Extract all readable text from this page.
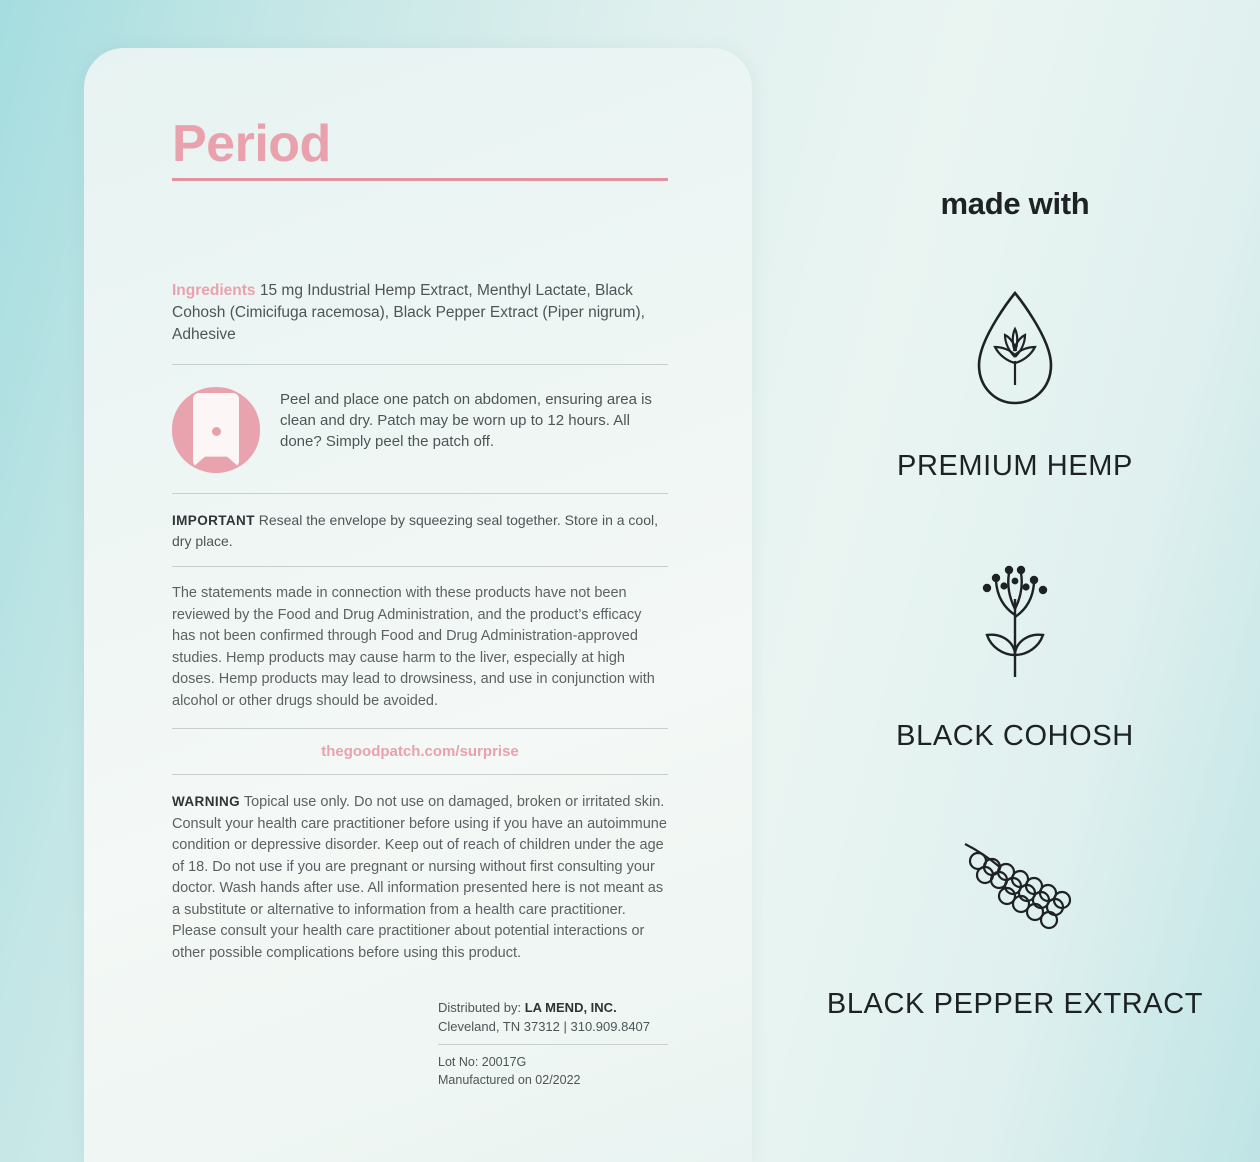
Period
Ingredients 15 mg Industrial Hemp Extract, Menthyl Lactate, Black Cohosh (Cimicifuga racemosa), Black Pepper Extract (Piper nigrum), Adhesive
Peel and place one patch on abdomen, ensuring area is clean and dry. Patch may be worn up to 12 hours. All done? Simply peel the patch off.
IMPORTANT Reseal the envelope by squeezing seal together. Store in a cool, dry place.
The statements made in connection with these products have not been reviewed by the Food and Drug Administration, and the product’s efficacy has not been confirmed through Food and Drug Administration-approved studies. Hemp products may cause harm to the liver, especially at high doses. Hemp products may lead to drowsiness, and use in conjunction with alcohol or other drugs should be avoided.
thegoodpatch.com/surprise
WARNING Topical use only. Do not use on damaged, broken or irritated skin. Consult your health care practitioner before using if you have an autoimmune condition or depressive disorder. Keep out of reach of children under the age of 18. Do not use if you are pregnant or nursing without first consulting your doctor. Wash hands after use. All information presented here is not meant as a substitute or alternative to information from a health care practitioner. Please consult your health care practitioner about potential interactions or other possible complications before using this product.
Distributed by: LA MEND, INC.
Cleveland, TN 37312 | 310.909.8407
Lot No: 20017G
Manufactured on 02/2022
made with
PREMIUM HEMP
BLACK COHOSH
BLACK PEPPER EXTRACT
